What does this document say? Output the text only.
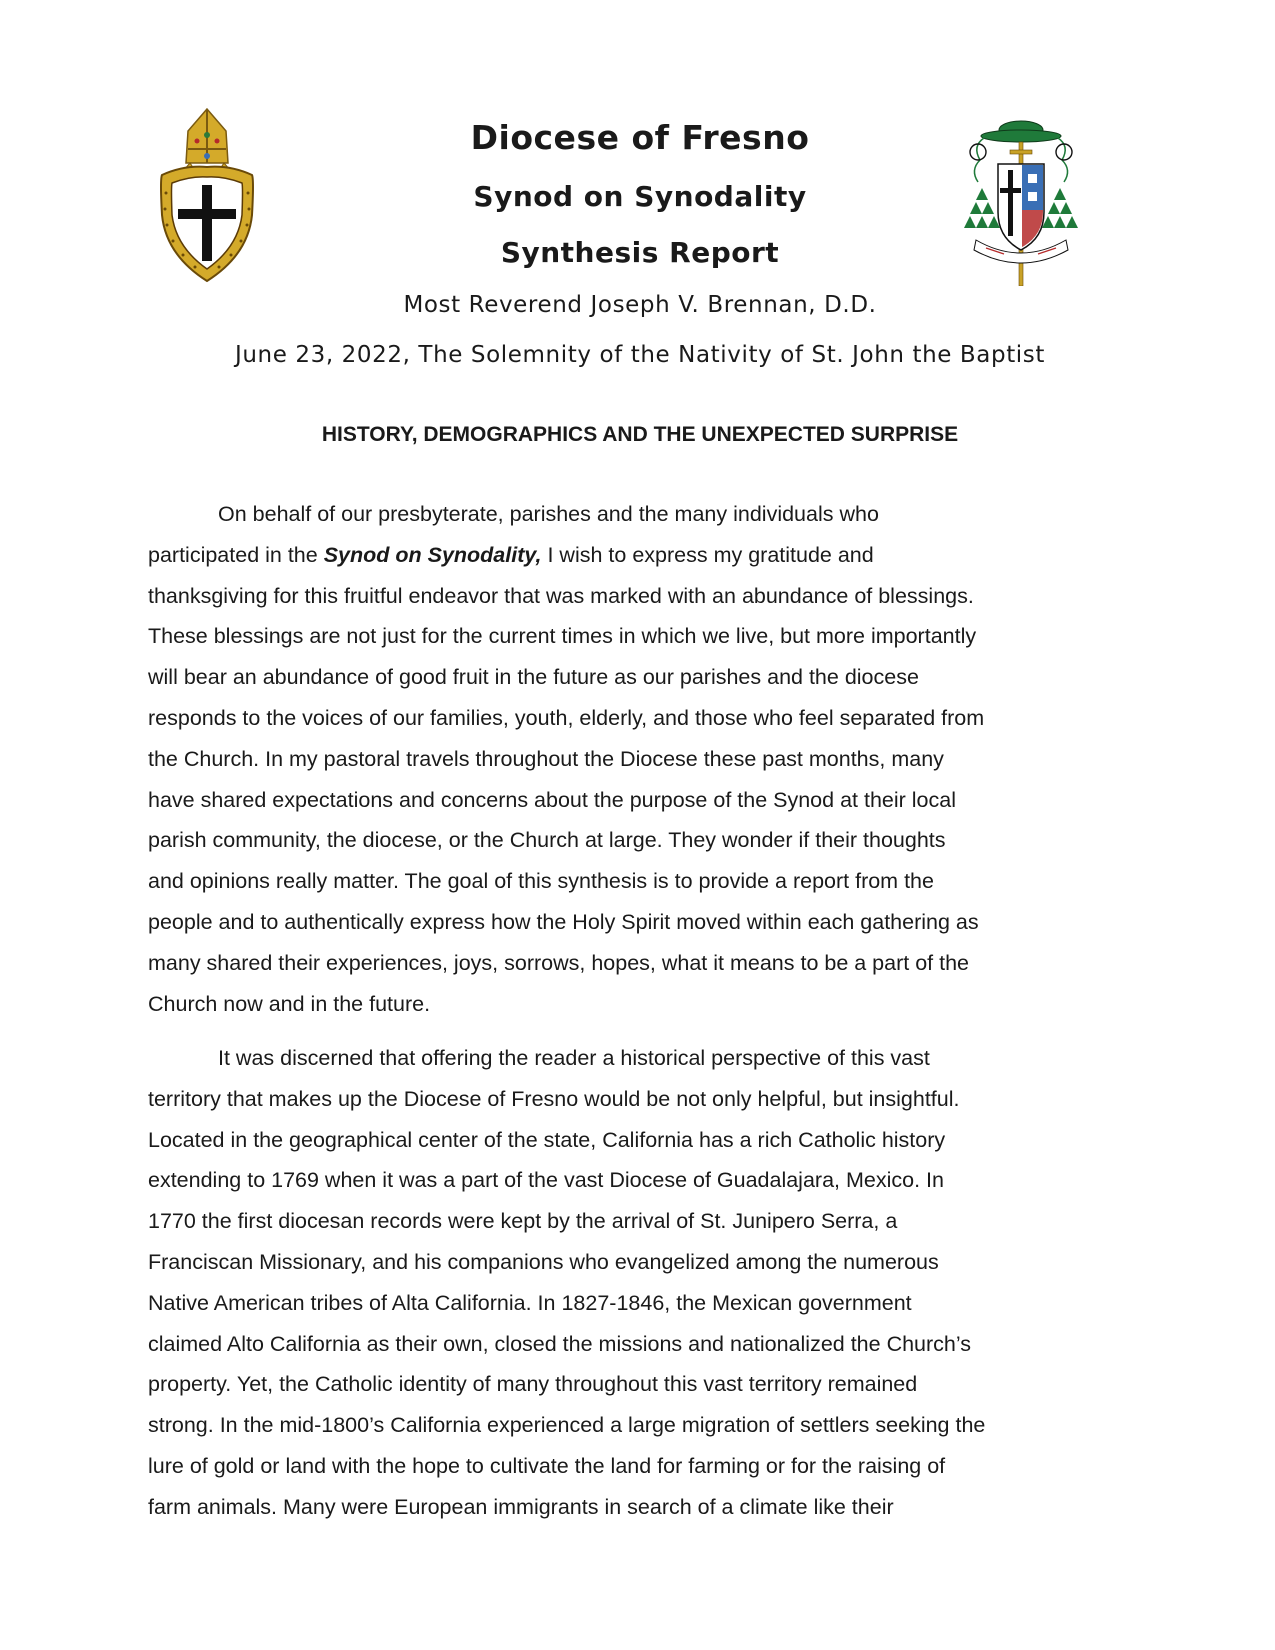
Diocese of Fresno
Synod on Synodality
Synthesis Report
Most Reverend Joseph V. Brennan, D.D.
June 23, 2022, The Solemnity of the Nativity of St. John the Baptist
HISTORY, DEMOGRAPHICS AND THE UNEXPECTED SURPRISE

On behalf of our presbyterate, parishes and the many individuals who
participated in the Synod on Synodality, I wish to express my gratitude and
thanksgiving for this fruitful endeavor that was marked with an abundance of blessings.
These blessings are not just for the current times in which we live, but more importantly
will bear an abundance of good fruit in the future as our parishes and the diocese
responds to the voices of our families, youth, elderly, and those who feel separated from
the Church. In my pastoral travels throughout the Diocese these past months, many
have shared expectations and concerns about the purpose of the Synod at their local
parish community, the diocese, or the Church at large. They wonder if their thoughts
and opinions really matter. The goal of this synthesis is to provide a report from the
people and to authentically express how the Holy Spirit moved within each gathering as
many shared their experiences, joys, sorrows, hopes, what it means to be a part of the
Church now and in the future.

It was discerned that offering the reader a historical perspective of this vast
territory that makes up the Diocese of Fresno would be not only helpful, but insightful.
Located in the geographical center of the state, California has a rich Catholic history
extending to 1769 when it was a part of the vast Diocese of Guadalajara, Mexico. In
1770 the first diocesan records were kept by the arrival of St. Junipero Serra, a
Franciscan Missionary, and his companions who evangelized among the numerous
Native American tribes of Alta California. In 1827-1846, the Mexican government
claimed Alto California as their own, closed the missions and nationalized the Church’s
property. Yet, the Catholic identity of many throughout this vast territory remained
strong. In the mid-1800’s California experienced a large migration of settlers seeking the
lure of gold or land with the hope to cultivate the land for farming or for the raising of
farm animals. Many were European immigrants in search of a climate like their
